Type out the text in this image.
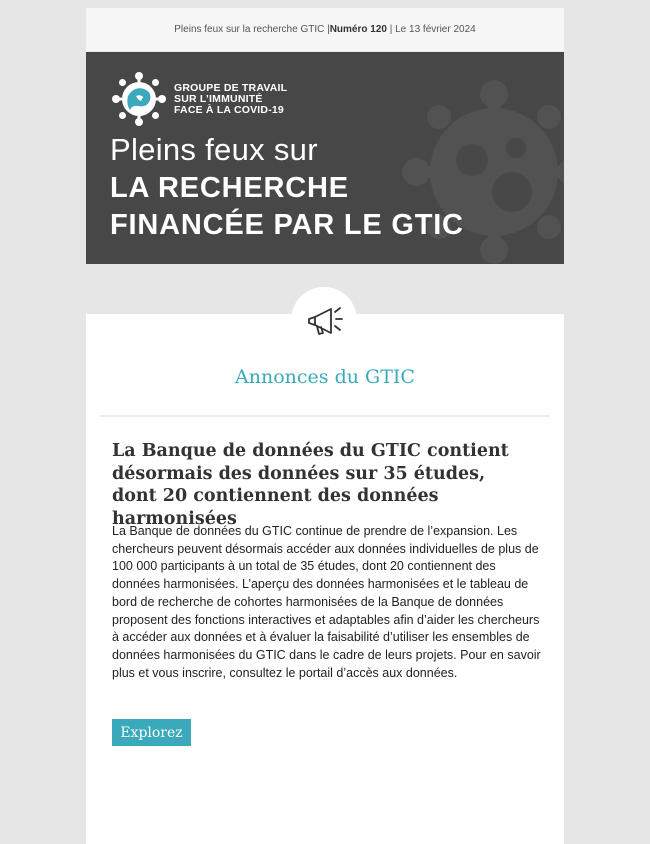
Pleins feux sur la recherche GTIC |Numéro 120 | Le 13 février 2024
GROUPE DE TRAVAIL
SUR L’IMMUNITÉ
FACE À LA COVID-19
Pleins feux sur
LA RECHERCHE
FINANCÉE PAR LE GTIC
Annonces du GTIC
La Banque de données du GTIC contient désormais des données sur 35 études, dont 20 contiennent des données harmonisées
La Banque de données du GTIC continue de prendre de l’expansion. Les chercheurs peuvent désormais accéder aux données individuelles de plus de 100 000 participants à un total de 35 études, dont 20 contiennent des données harmonisées. L’aperçu des données harmonisées et le tableau de bord de recherche de cohortes harmonisées de la Banque de données proposent des fonctions interactives et adaptables afin d’aider les chercheurs à accéder aux données et à évaluer la faisabilité d’utiliser les ensembles de données harmonisées du GTIC dans le cadre de leurs projets. Pour en savoir plus et vous inscrire, consultez le portail d’accès aux données.
Explorez
